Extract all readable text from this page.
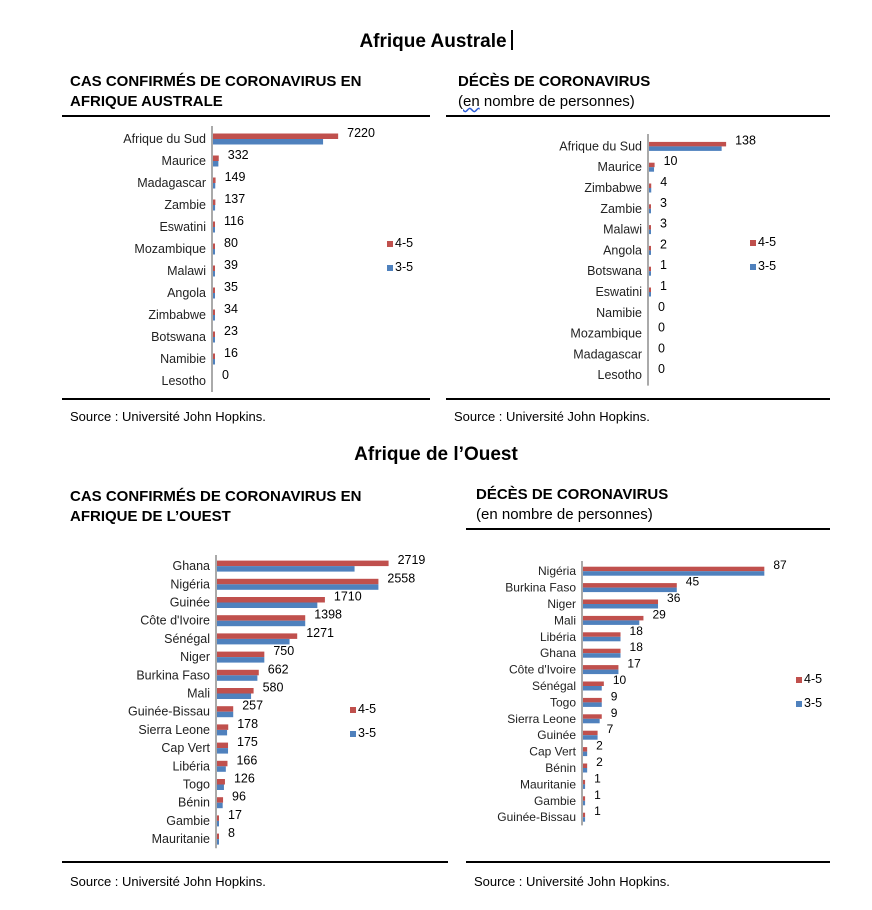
Afrique Australe
CAS CONFIRMÉS DE CORONAVIRUS EN
AFRIQUE AUSTRALE
Afrique du Sud	7220
Maurice 332
Madagascar 149
Zambie 137
Eswatini 116
Mozambique 80
Malawi 39
Angola 35
Zimbabwe 34
Botswana 23
Namibie 16
Lesotho 0
4-5
3-5
Source : Université John Hopkins.
DÉCÈS DE CORONAVIRUS
(en nombre de personnes)
Afrique du Sud	138
Maurice 10
Zimbabwe 4
Zambie 3
Malawi 3
Angola 2
Botswana 1
Eswatini 1
Namibie 0
Mozambique 0
Madagascar 0
Lesotho 0
4-5
3-5
Source : Université John Hopkins.
Afrique de l’Ouest
CAS CONFIRMÉS DE CORONAVIRUS EN
AFRIQUE DE L’OUEST
Ghana	2719
Nigéria	2558
Guinée	1710
Côte d'Ivoire	1398
Sénégal	1271
Niger	750
Burkina Faso	662
Mali	580
Guinée-Bissau	257
Sierra Leone 178
Cap Vert 175
Libéria 166
Togo 126
Bénin 96
Gambie 17
Mauritanie 8
4-5
3-5
Source : Université John Hopkins.
DÉCÈS DE CORONAVIRUS
(en nombre de personnes)
Nigéria	87
Burkina Faso	45
Niger	36
Mali	29
Libéria	18
Ghana	18
Côte d'Ivoire	17
Sénégal	10
Togo	9
Sierra Leone	9
Guinée	7
Cap Vert 2
Bénin 2
Mauritanie 1
Gambie 1
Guinée-Bissau 1
4-5
3-5
Source : Université John Hopkins.
